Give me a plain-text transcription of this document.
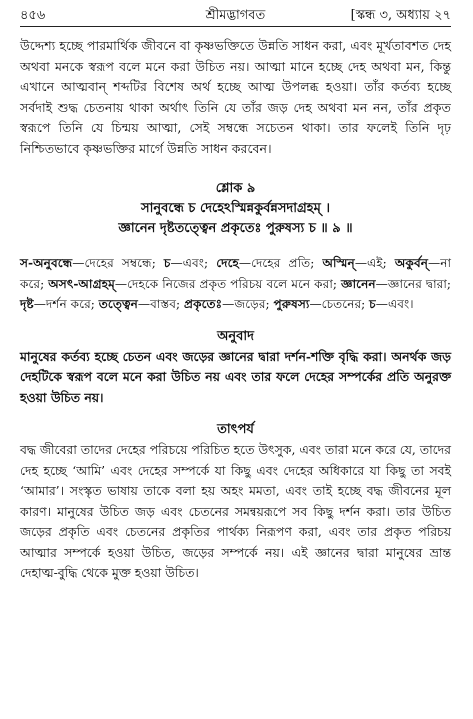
৪৫৬	শ্রীমদ্ভাগবত	[স্কন্ধ ৩, অধ্যায় ২৭

উদ্দেশ্য হচ্ছে পারমার্থিক জীবনে বা কৃষ্ণভক্তিতে উন্নতি সাধন করা, এবং মূর্খতাবশত দেহ অথবা মনকে স্বরূপ বলে মনে করা উচিত নয়। আত্মা মানে হচ্ছে দেহ অথবা মন, কিন্তু এখানে আত্মবান্‌ শব্দটির বিশেষ অর্থ হচ্ছে আত্ম উপলব্ধ হওয়া। তাঁর কর্তব্য হচ্ছে সর্বদাই শুদ্ধ চেতনায় থাকা অর্থাৎ তিনি যে তাঁর জড় দেহ অথবা মন নন, তাঁর প্রকৃত স্বরূপে তিনি যে চিন্ময় আত্মা, সেই সম্বন্ধে সচেতন থাকা। তার ফলেই তিনি দৃঢ় নিশ্চিতভাবে কৃষ্ণভক্তির মার্গে উন্নতি সাধন করবেন।

শ্লোক ৯
সানুবন্ধে চ দেহেঽস্মিন্নকুর্বন্নসদাগ্রহম্‌ ।
জ্ঞানেন দৃষ্টতত্ত্বেন প্রকৃতেঃ পুরুষস্য চ ॥ ৯ ॥

স-অনুবন্ধে—দেহের সম্বন্ধে; চ—এবং; দেহে—দেহের প্রতি; অস্মিন্‌—এই; অকুর্বন্‌—না করে; অসৎ-আগ্রহম্‌—দেহকে নিজের প্রকৃত পরিচয় বলে মনে করা; জ্ঞানেন—জ্ঞানের দ্বারা; দৃষ্ট—দর্শন করে; তত্ত্বেন—বাস্তব; প্রকৃতেঃ—জড়ের; পুরুষস্য—চেতনের; চ—এবং।

অনুবাদ

মানুষের কর্তব্য হচ্ছে চেতন এবং জড়ের জ্ঞানের দ্বারা দর্শন-শক্তি বৃদ্ধি করা। অনর্থক জড় দেহটিকে স্বরূপ বলে মনে করা উচিত নয় এবং তার ফলে দেহের সম্পর্কের প্রতি অনুরক্ত হওয়া উচিত নয়।

তাৎপর্য

বদ্ধ জীবেরা তাদের দেহের পরিচয়ে পরিচিত হতে উৎসুক, এবং তারা মনে করে যে, তাদের দেহ হচ্ছে ‘আমি’ এবং দেহের সম্পর্কে যা কিছু এবং দেহের অধিকারে যা কিছু তা সবই ‘আমার’। সংস্কৃত ভাষায় তাকে বলা হয় অহং মমতা, এবং তাই হচ্ছে বদ্ধ জীবনের মূল কারণ। মানুষের উচিত জড় এবং চেতনের সমন্বয়রূপে সব কিছু দর্শন করা। তার উচিত জড়ের প্রকৃতি এবং চেতনের প্রকৃতির পার্থক্য নিরূপণ করা, এবং তার প্রকৃত পরিচয় আত্মার সম্পর্কে হওয়া উচিত, জড়ের সম্পর্কে নয়। এই জ্ঞানের দ্বারা মানুষের ভ্রান্ত দেহাত্ম-বুদ্ধি থেকে মুক্ত হওয়া উচিত।
